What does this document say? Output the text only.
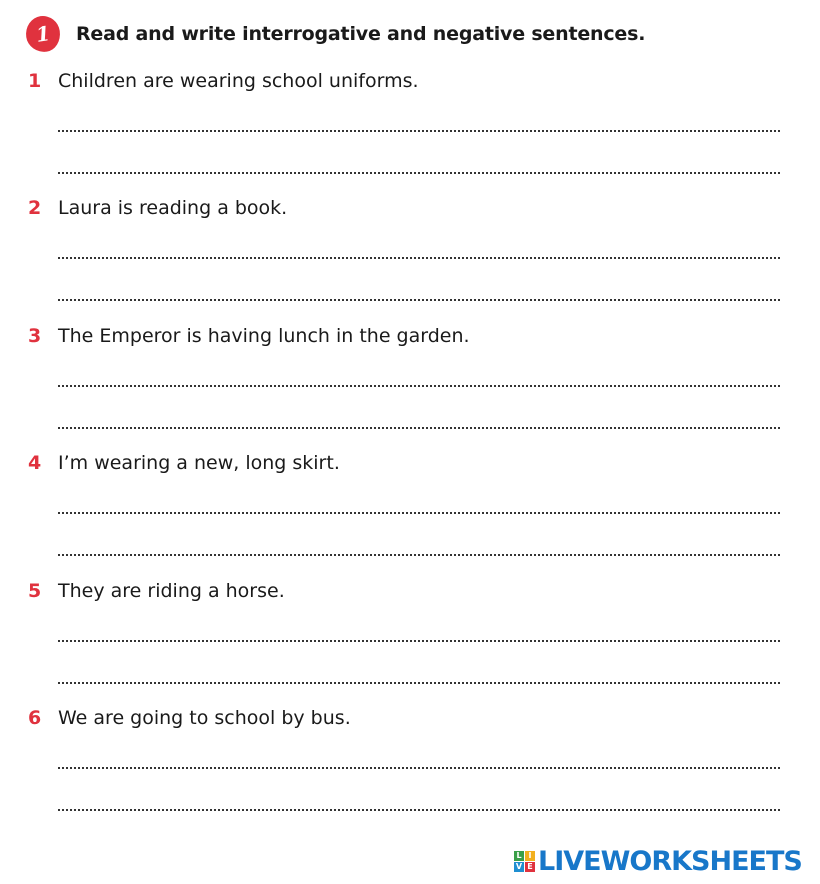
1 Read and write interrogative and negative sentences.
1 Children are wearing school uniforms.
2 Laura is reading a book.
3 The Emperor is having lunch in the garden.
4 I’m wearing a new, long skirt.
5 They are riding a horse.
6 We are going to school by bus.
L I
V E LIVEWORKSHEETS
